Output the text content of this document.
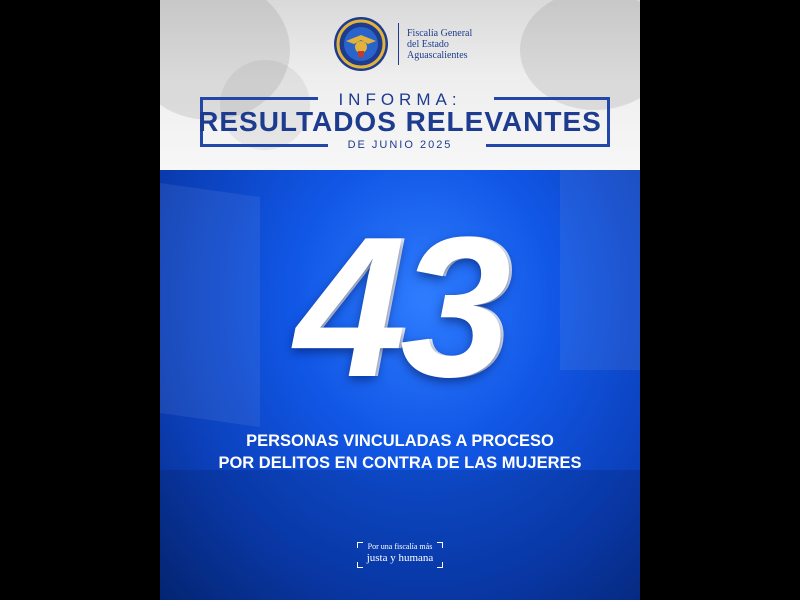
Fiscalía General
del Estado
Aguascalientes
INFORMA:
RESULTADOS RELEVANTES
DE JUNIO 2025
43
PERSONAS VINCULADAS A PROCESO
POR DELITOS EN CONTRA DE LAS MUJERES
Por una fiscalía más
justa y humana
